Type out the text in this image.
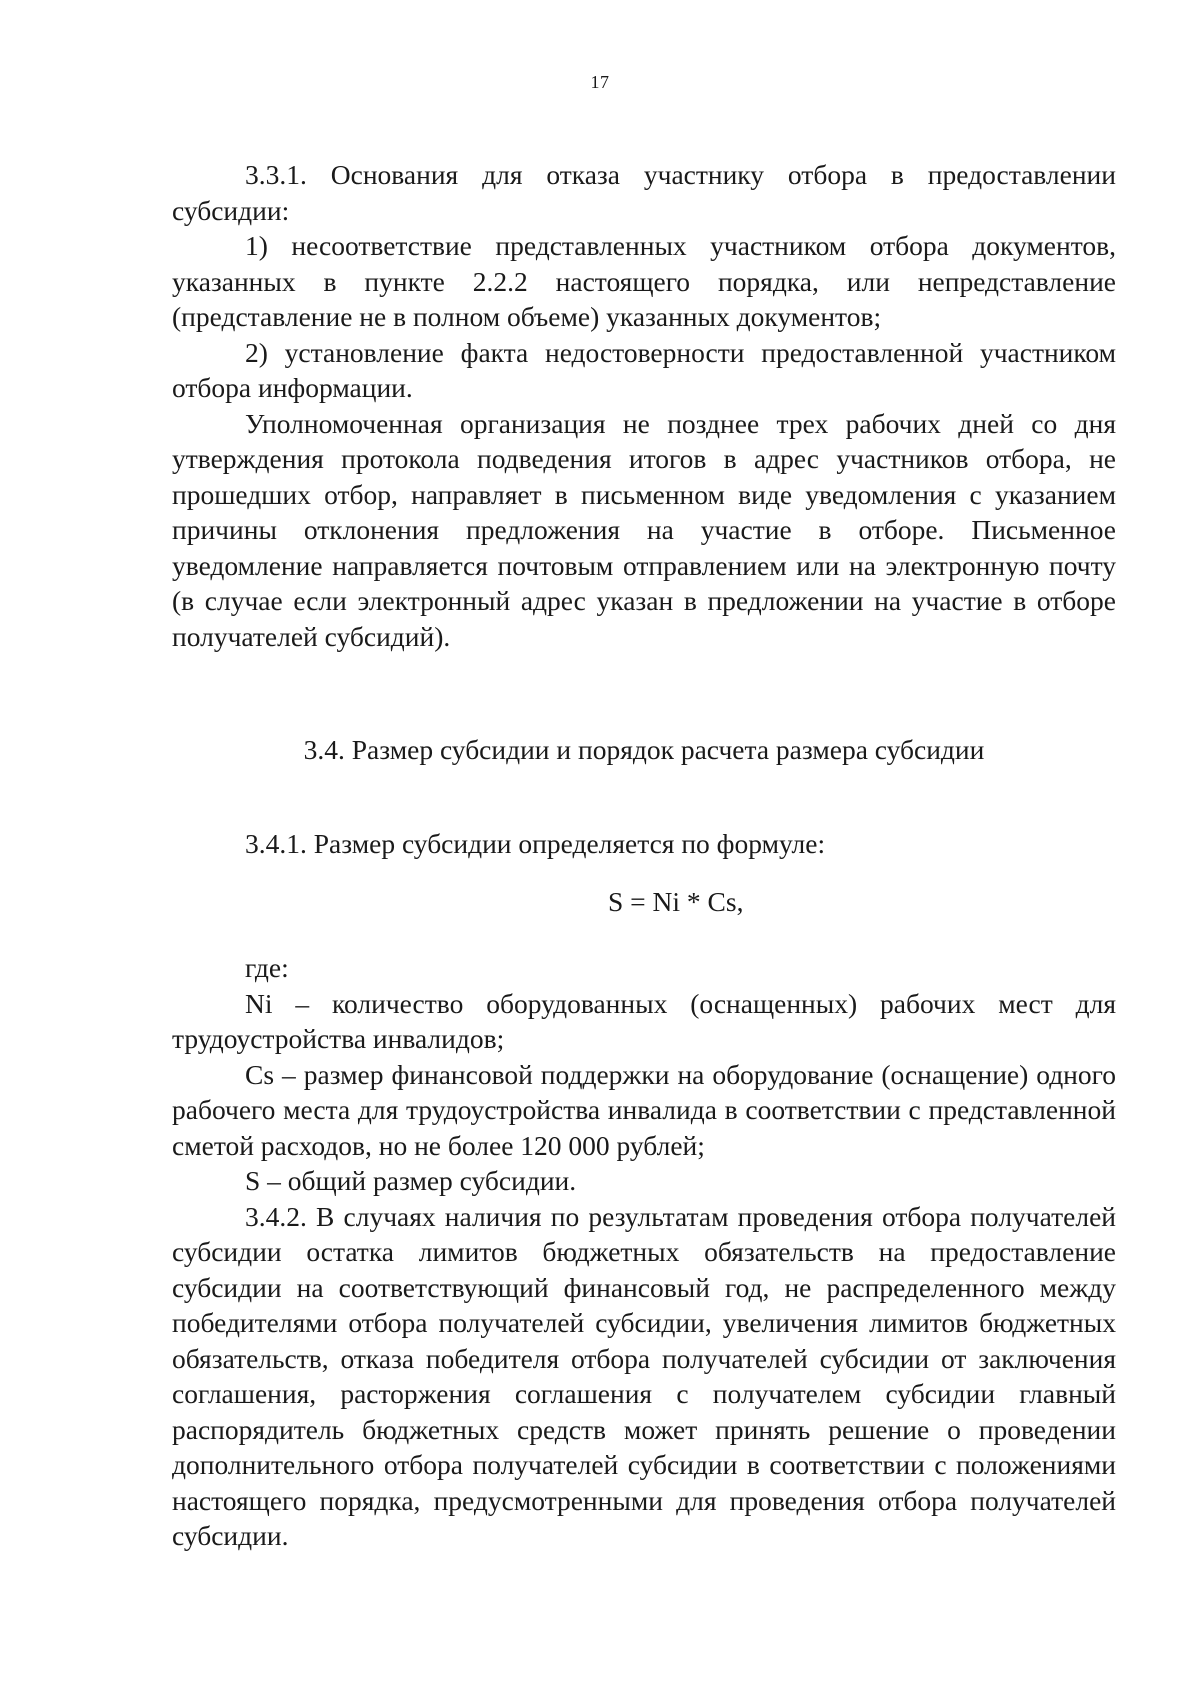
17

3.3.1. Основания для отказа участнику отбора в предоставлении субсидии:

1) несоответствие представленных участником отбора документов, указанных в пункте 2.2.2 настоящего порядка, или непредставление (представление не в полном объеме) указанных документов;

2) установление факта недостоверности предоставленной участником отбора информации.

Уполномоченная организация не позднее трех рабочих дней со дня утверждения протокола подведения итогов в адрес участников отбора, не прошедших отбор, направляет в письменном виде уведомления с указанием причины отклонения предложения на участие в отборе. Письменное уведомление направляется почтовым отправлением или на электронную почту (в случае если электронный адрес указан в предложении на участие в отборе получателей субсидий).

3.4. Размер субсидии и порядок расчета размера субсидии

3.4.1. Размер субсидии определяется по формуле:

S = Ni * Cs,

где:

Ni – количество оборудованных (оснащенных) рабочих мест для трудоустройства инвалидов;

Cs – размер финансовой поддержки на оборудование (оснащение) одного рабочего места для трудоустройства инвалида в соответствии с представленной сметой расходов, но не более 120 000 рублей;

S – общий размер субсидии.

3.4.2. В случаях наличия по результатам проведения отбора получателей субсидии остатка лимитов бюджетных обязательств на предоставление субсидии на соответствующий финансовый год, не распределенного между победителями отбора получателей субсидии, увеличения лимитов бюджетных обязательств, отказа победителя отбора получателей субсидии от заключения соглашения, расторжения соглашения с получателем субсидии главный распорядитель бюджетных средств может принять решение о проведении дополнительного отбора получателей субсидии в соответствии с положениями настоящего порядка, предусмотренными для проведения отбора получателей субсидии.
